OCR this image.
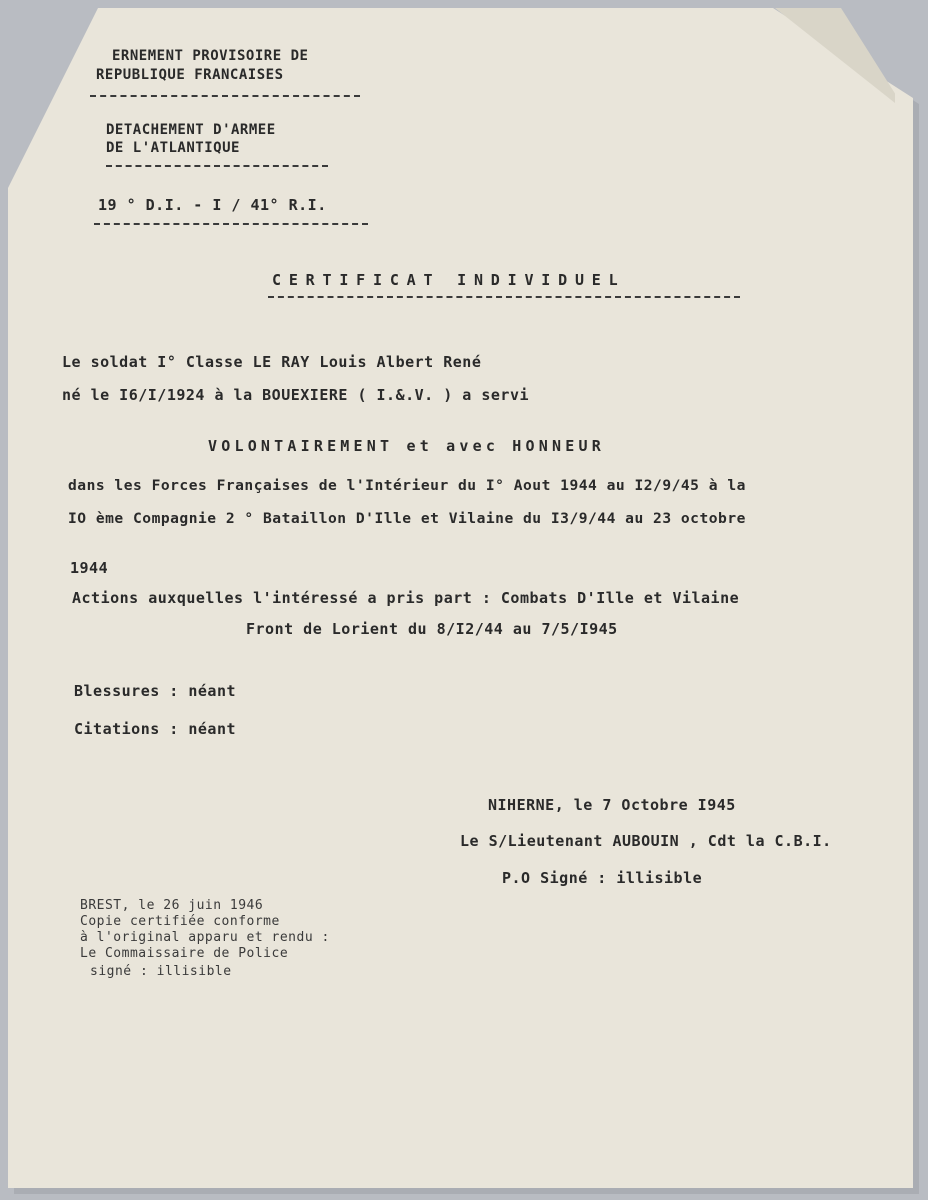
ERNEMENT PROVISOIRE DE

REPUBLIQUE FRANCAISES

DETACHEMENT D'ARMEE

DE L'ATLANTIQUE

19 ° D.I. - I / 41° R.I.

CERTIFICAT INDIVIDUEL

Le soldat I° Classe LE RAY Louis Albert René

né le I6/I/1924 à la BOUEXIERE ( I.&.V. ) a servi

VOLONTAIREMENT et avec HONNEUR

dans les Forces Françaises de l'Intérieur du I° Aout 1944 au I2/9/45 à la

IO ème Compagnie 2 ° Bataillon D'Ille et Vilaine du I3/9/44 au 23 octobre

1944

Actions auxquelles l'intéressé a pris part : Combats D'Ille et Vilaine

Front de Lorient du 8/I2/44 au 7/5/I945

Blessures : néant

Citations : néant

NIHERNE, le 7 Octobre I945

Le S/Lieutenant AUBOUIN , Cdt la C.B.I.

P.O Signé : illisible

BREST, le 26 juin 1946

Copie certifiée conforme

à l'original apparu et rendu :

Le Commaissaire de Police

signé : illisible
